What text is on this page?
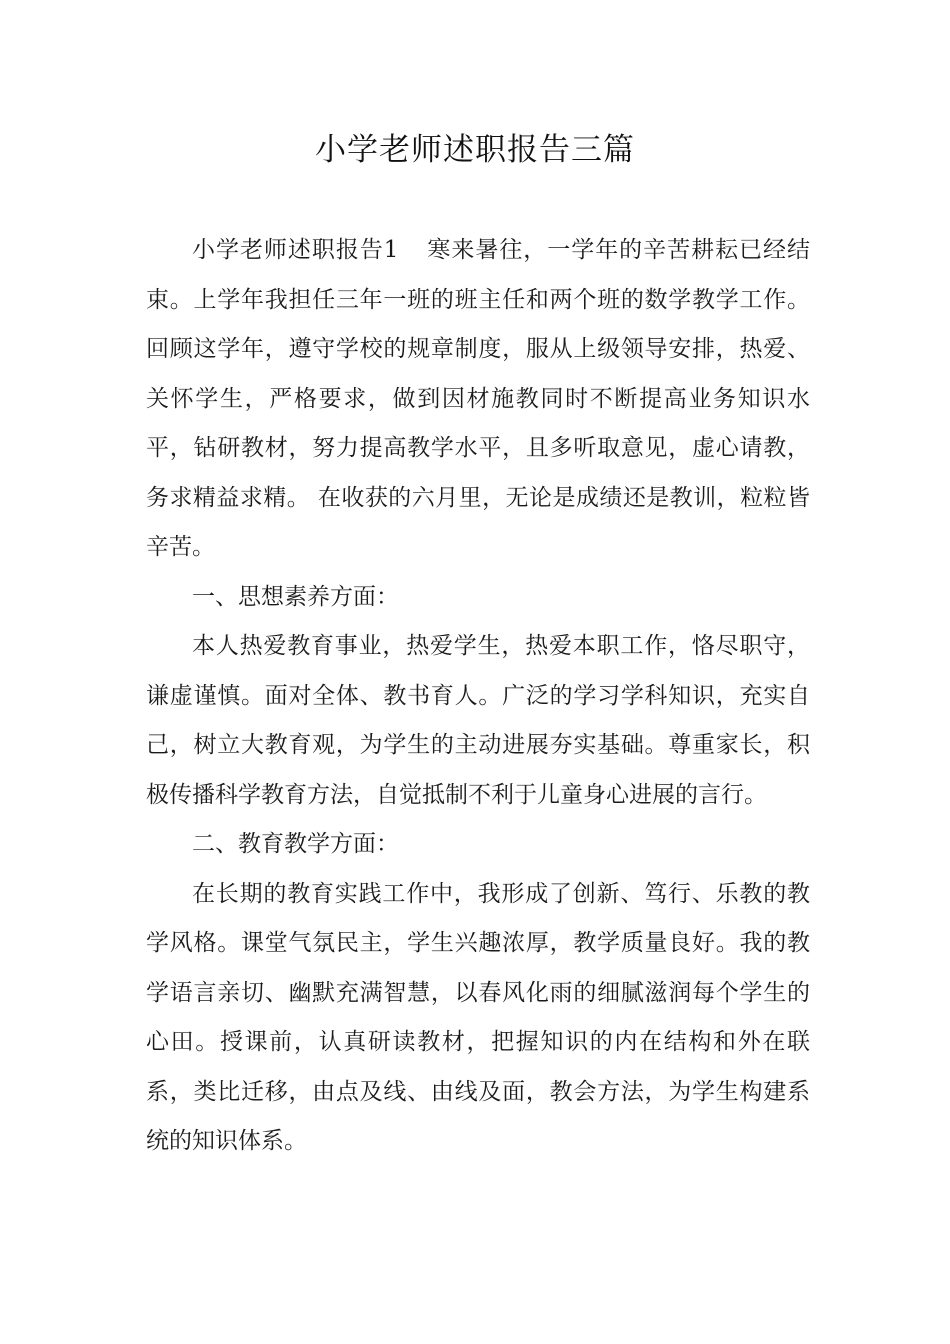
小学老师述职报告三篇

小学老师述职报告1 寒来暑往，一学年的辛苦耕耘已经结束。上学年我担任三年一班的班主任和两个班的数学教学工作。回顾这学年，遵守学校的规章制度，服从上级领导安排，热爱、关怀学生，严格要求，做到因材施教同时不断提高业务知识水平，钻研教材，努力提高教学水平，且多听取意见，虚心请教，务求精益求精。 在收获的六月里，无论是成绩还是教训，粒粒皆辛苦。

一、思想素养方面：

本人热爱教育事业，热爱学生，热爱本职工作，恪尽职守，谦虚谨慎。面对全体、教书育人。广泛的学习学科知识，充实自己，树立大教育观，为学生的主动进展夯实基础。尊重家长，积极传播科学教育方法，自觉抵制不利于儿童身心进展的言行。

二、教育教学方面：

在长期的教育实践工作中，我形成了创新、笃行、乐教的教学风格。课堂气氛民主，学生兴趣浓厚，教学质量良好。我的教学语言亲切、幽默充满智慧，以春风化雨的细腻滋润每个学生的心田。授课前，认真研读教材，把握知识的内在结构和外在联系，类比迁移，由点及线、由线及面，教会方法，为学生构建系统的知识体系。
